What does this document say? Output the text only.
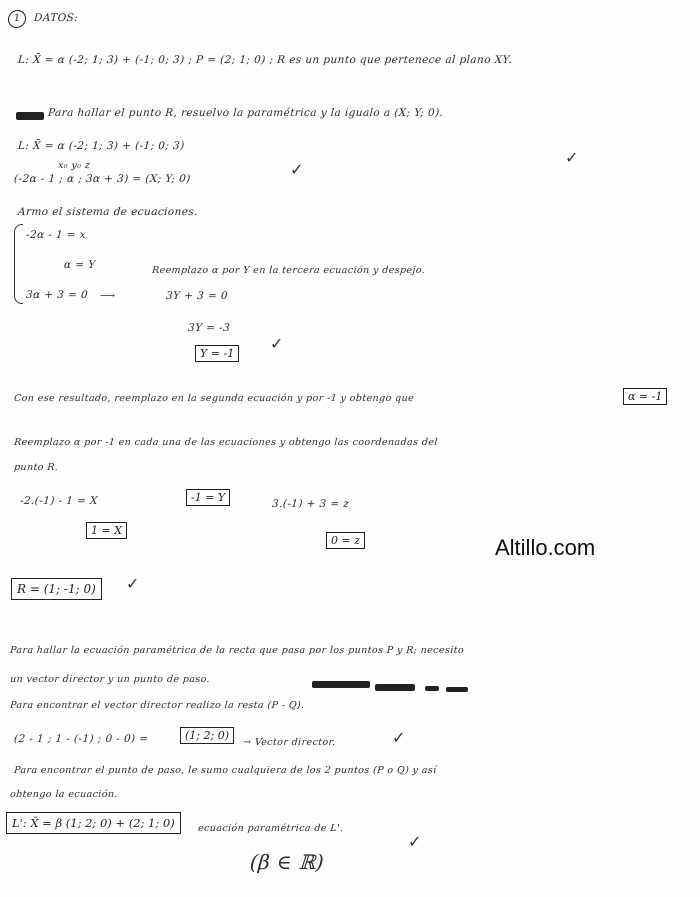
1	DATOS:
L: X̄ = α (-2; 1; 3) + (-1; 0; 3) ; P = (2; 1; 0) ; R es un punto que pertenece al plano XY.
Para hallar el punto R, resuelvo la paramétrica y la igualo a (X; Y; 0).
L: X̄ = α (-2; 1; 3) + (-1; 0; 3)
x₀ y₀ z
(-2α - 1 ; α ; 3α + 3) = (X; Y; 0)	✓
✓
Armo el sistema de ecuaciones.
-2α - 1 = x
α = Y	Reemplazo α por Y en la tercera ecuación y despejo.
3α + 3 = 0 ⟶	3Y + 3 = 0
3Y = -3
Y = -1
✓
Con ese resultado, reemplazo en la segunda ecuación y por -1 y obtengo que	α = -1
Reemplazo α por -1 en cada una de las ecuaciones y obtengo las coordenadas del
punto R.
-2.(-1) - 1 = X	-1 = Y	3.(-1) + 3 = z
1 = X
0 = z	Altillo.com
R = (1; -1; 0)	✓
Para hallar la ecuación paramétrica de la recta que pasa por los puntos P y R; necesito
un vector director y un punto de paso.
Para encontrar el vector director realizo la resta (P - Q).
(2 - 1 ; 1 - (-1) ; 0 - 0) =	(1; 2; 0)
→ Vector director.	✓
Para encontrar el punto de paso, le sumo cualquiera de los 2 puntos (P o Q) y así
obtengo la ecuación.
L': X̄ = β (1; 2; 0) + (2; 1; 0)	ecuación paramétrica de L'.
✓
(β ∈ ℝ)
